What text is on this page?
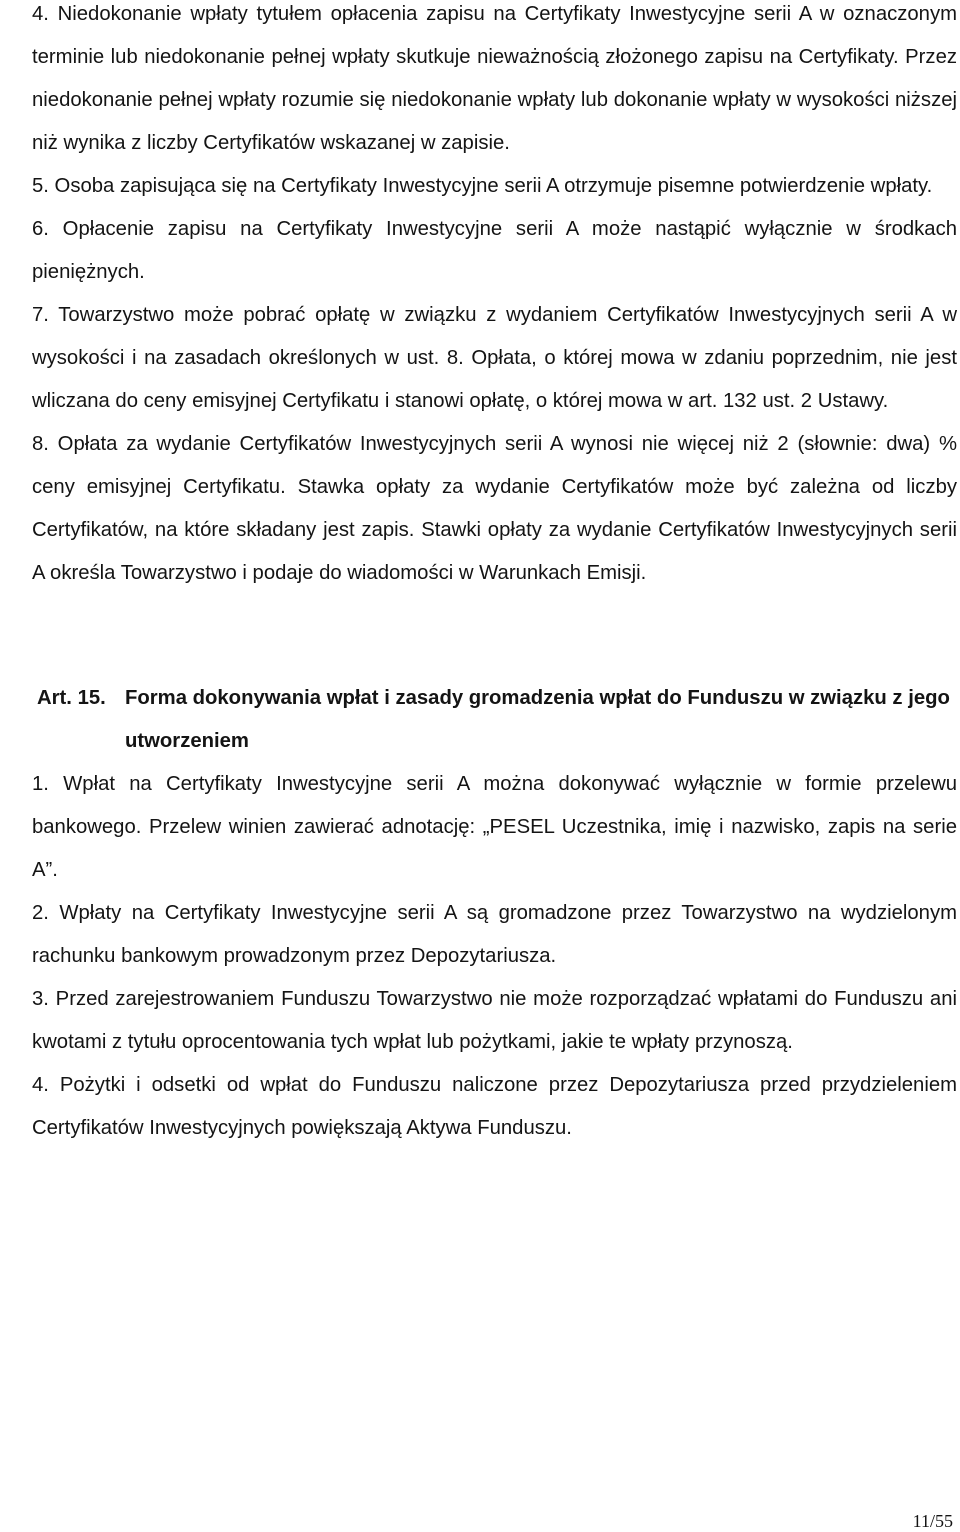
4. Niedokonanie wpłaty tytułem opłacenia zapisu na Certyfikaty Inwestycyjne serii A w oznaczonym terminie lub niedokonanie pełnej wpłaty skutkuje nieważnością złożonego zapisu na Certyfikaty. Przez niedokonanie pełnej wpłaty rozumie się niedokonanie wpłaty lub dokonanie wpłaty w wysokości niższej niż wynika z liczby Certyfikatów wskazanej w zapisie.

5. Osoba zapisująca się na Certyfikaty Inwestycyjne serii A otrzymuje pisemne potwierdzenie wpłaty.

6. Opłacenie zapisu na Certyfikaty Inwestycyjne serii A może nastąpić wyłącznie w środkach pieniężnych.

7. Towarzystwo może pobrać opłatę w związku z wydaniem Certyfikatów Inwestycyjnych serii A w wysokości i na zasadach określonych w ust. 8. Opłata, o której mowa w zdaniu poprzednim, nie jest wliczana do ceny emisyjnej Certyfikatu i stanowi opłatę, o której mowa w art. 132 ust. 2 Ustawy.

8. Opłata za wydanie Certyfikatów Inwestycyjnych serii A wynosi nie więcej niż 2 (słownie: dwa) % ceny emisyjnej Certyfikatu. Stawka opłaty za wydanie Certyfikatów może być zależna od liczby Certyfikatów, na które składany jest zapis. Stawki opłaty za wydanie Certyfikatów Inwestycyjnych serii A określa Towarzystwo i podaje do wiadomości w Warunkach Emisji.

Art. 15. Forma dokonywania wpłat i zasady gromadzenia wpłat do Funduszu w związku z jego utworzeniem

1. Wpłat na Certyfikaty Inwestycyjne serii A można dokonywać wyłącznie w formie przelewu bankowego. Przelew winien zawierać adnotację: „PESEL Uczestnika, imię i nazwisko, zapis na serie A”.

2. Wpłaty na Certyfikaty Inwestycyjne serii A są gromadzone przez Towarzystwo na wydzielonym rachunku bankowym prowadzonym przez Depozytariusza.

3. Przed zarejestrowaniem Funduszu Towarzystwo nie może rozporządzać wpłatami do Funduszu ani kwotami z tytułu oprocentowania tych wpłat lub pożytkami, jakie te wpłaty przynoszą.

4. Pożytki i odsetki od wpłat do Funduszu naliczone przez Depozytariusza przed przydzieleniem Certyfikatów Inwestycyjnych powiększają Aktywa Funduszu.

11/55
